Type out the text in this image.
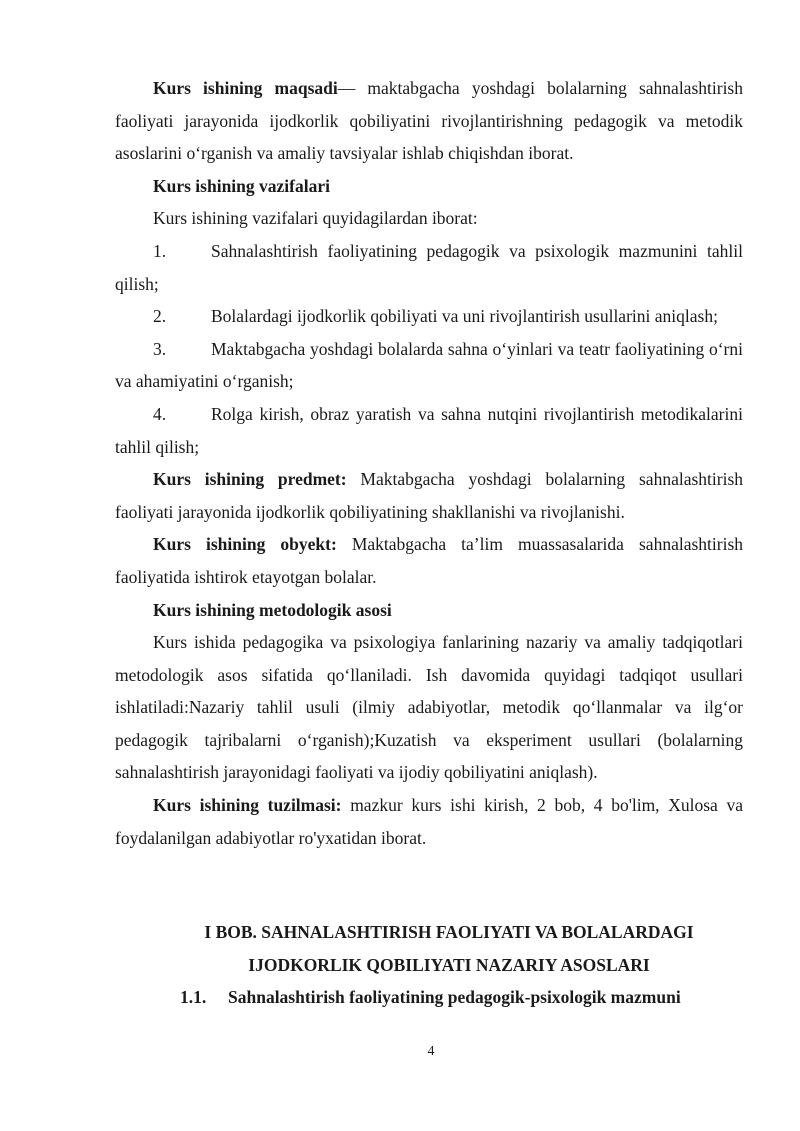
Kurs ishining maqsadi— maktabgacha yoshdagi bolalarning sahnalashtirish faoliyati jarayonida ijodkorlik qobiliyatini rivojlantirishning pedagogik va metodik asoslarini o‘rganish va amaliy tavsiyalar ishlab chiqishdan iborat.

Kurs ishining vazifalari

Kurs ishining vazifalari quyidagilardan iborat:

1.	Sahnalashtirish faoliyatining pedagogik va psixologik mazmunini tahlil qilish;

2.	Bolalardagi ijodkorlik qobiliyati va uni rivojlantirish usullarini aniqlash;

3.	Maktabgacha yoshdagi bolalarda sahna o‘yinlari va teatr faoliyatining o‘rni va ahamiyatini o‘rganish;

4.	Rolga kirish, obraz yaratish va sahna nutqini rivojlantirish metodikalarini tahlil qilish;

Kurs ishining predmet: Maktabgacha yoshdagi bolalarning sahnalashtirish faoliyati jarayonida ijodkorlik qobiliyatining shakllanishi va rivojlanishi.

Kurs ishining obyekt: Maktabgacha ta’lim muassasalarida sahnalashtirish faoliyatida ishtirok etayotgan bolalar.

Kurs ishining metodologik asosi

Kurs ishida pedagogika va psixologiya fanlarining nazariy va amaliy tadqiqotlari metodologik asos sifatida qo‘llaniladi. Ish davomida quyidagi tadqiqot usullari ishlatiladi:Nazariy tahlil usuli (ilmiy adabiyotlar, metodik qo‘llanmalar va ilg‘or pedagogik tajribalarni o‘rganish);Kuzatish va eksperiment usullari (bolalarning sahnalashtirish jarayonidagi faoliyati va ijodiy qobiliyatini aniqlash).

Kurs ishining tuzilmasi: mazkur kurs ishi kirish, 2 bob, 4 bo'lim, Xulosa va foydalanilgan adabiyotlar ro'yxatidan iborat.

I BOB. SAHNALASHTIRISH FAOLIYATI VA BOLALARDAGI
IJODKORLIK QOBILIYATI NAZARIY ASOSLARI

1.1. Sahnalashtirish faoliyatining pedagogik-psixologik mazmuni

4
